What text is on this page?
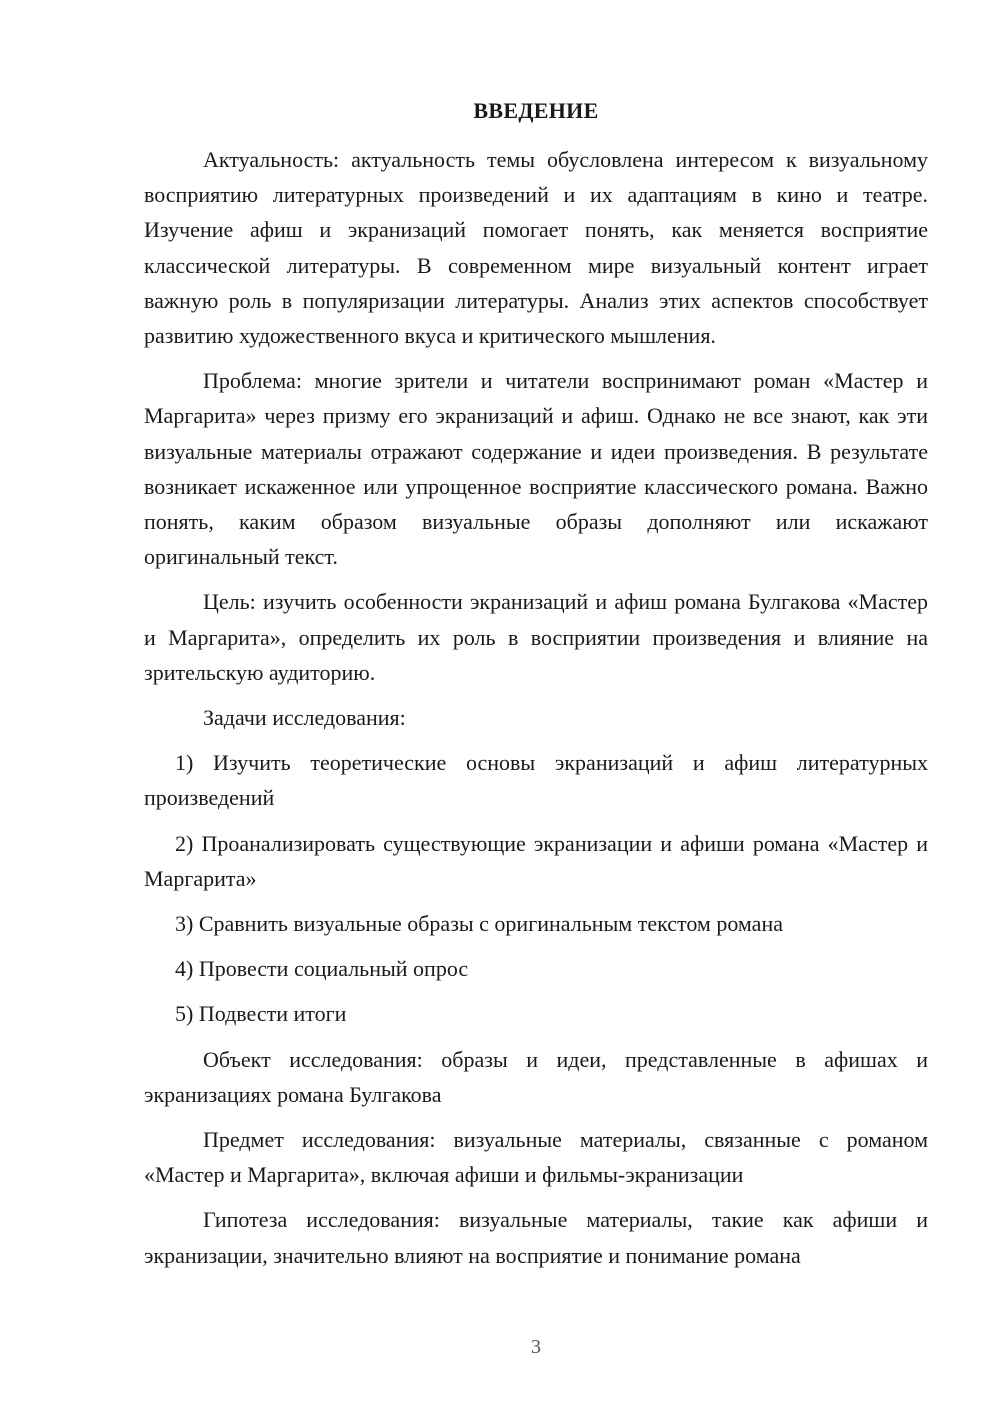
ВВЕДЕНИЕ

Актуальность: актуальность темы обусловлена интересом к визуальному восприятию литературных произведений и их адаптациям в кино и театре. Изучение афиш и экранизаций помогает понять, как меняется восприятие классической литературы. В современном мире визуальный контент играет важную роль в популяризации литературы. Анализ этих аспектов способствует развитию художественного вкуса и критического мышления.

Проблема: многие зрители и читатели воспринимают роман «Мастер и Маргарита» через призму его экранизаций и афиш. Однако не все знают, как эти визуальные материалы отражают содержание и идеи произведения. В результате возникает искаженное или упрощенное восприятие классического романа. Важно понять, каким образом визуальные образы дополняют или искажают оригинальный текст.

Цель: изучить особенности экранизаций и афиш романа Булгакова «Мастер и Маргарита», определить их роль в восприятии произведения и влияние на зрительскую аудиторию.

Задачи исследования:

1) Изучить теоретические основы экранизаций и афиш литературных произведений

2) Проанализировать существующие экранизации и афиши романа «Мастер и Маргарита»

3) Сравнить визуальные образы с оригинальным текстом романа

4) Провести социальный опрос

5) Подвести итоги

Объект исследования: образы и идеи, представленные в афишах и экранизациях романа Булгакова

Предмет исследования: визуальные материалы, связанные с романом «Мастер и Маргарита», включая афиши и фильмы-экранизации

Гипотеза исследования: визуальные материалы, такие как афиши и экранизации, значительно влияют на восприятие и понимание романа

3
